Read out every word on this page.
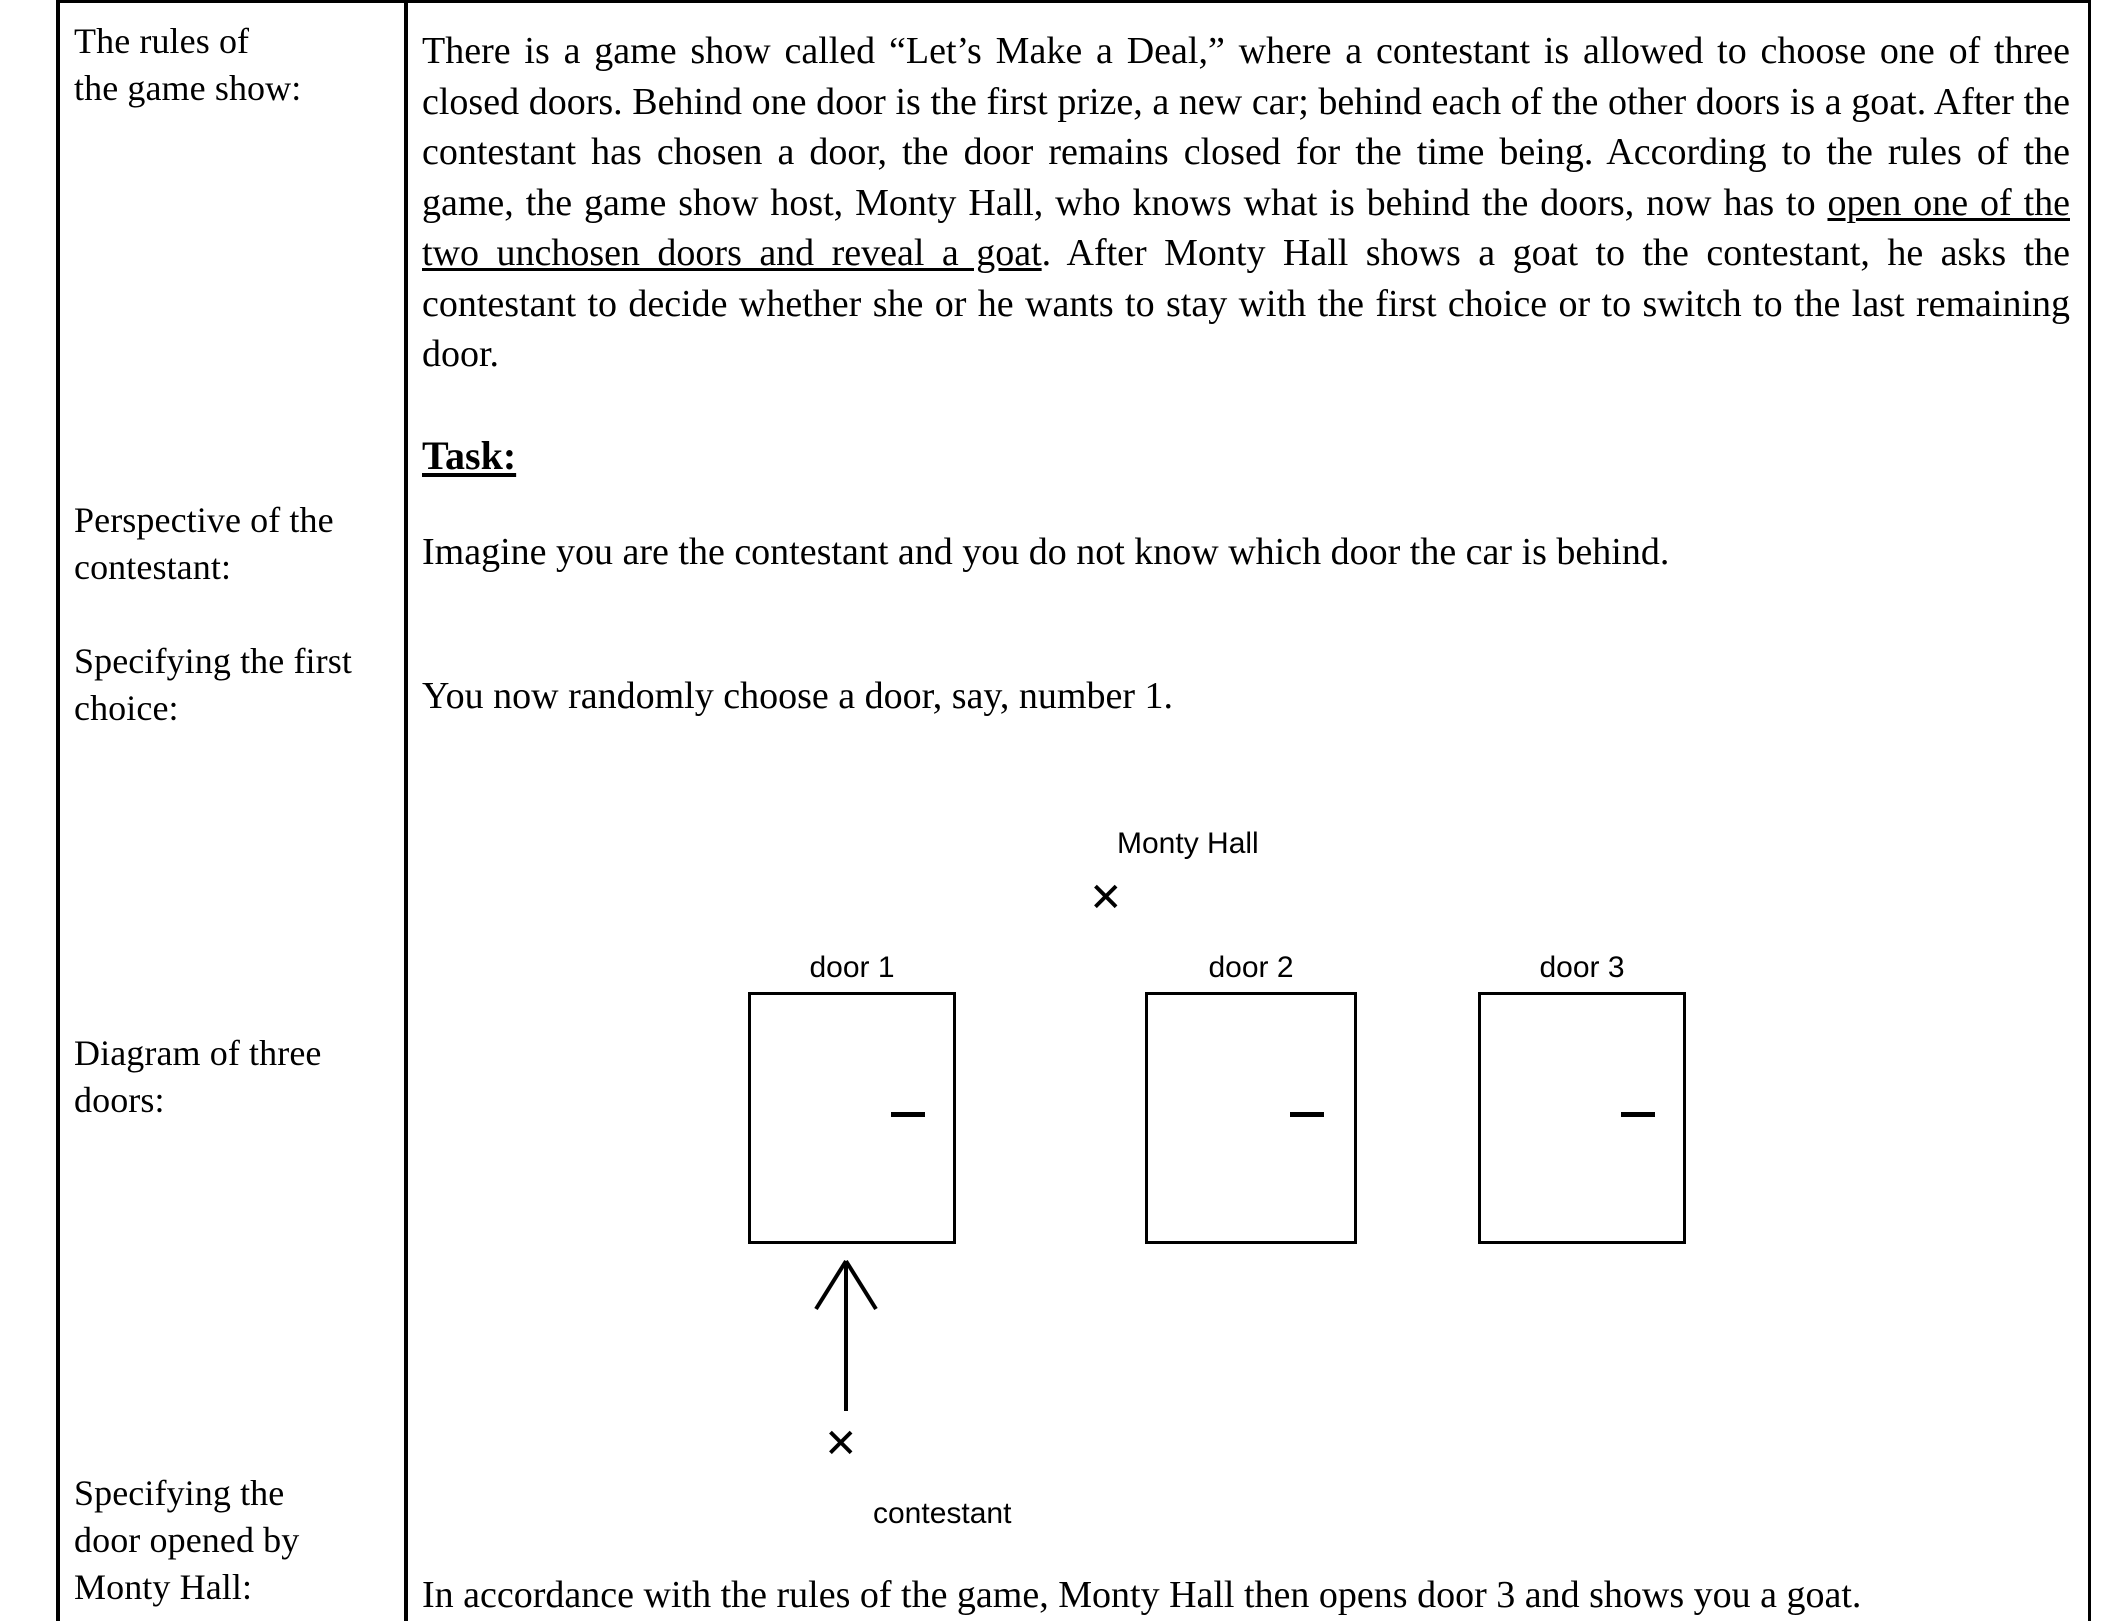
The rules of
the game show:
Perspective of the
contestant:
Specifying the first
choice:
Diagram of three
doors:
Specifying the
door opened by
Monty Hall:
There is a game show called “Let’s Make a Deal,” where a contestant is allowed to choose one of three closed doors. Behind one door is the first prize, a new car; behind each of the other doors is a goat. After the contestant has chosen a door, the door remains closed for the time being. According to the rules of the game, the game show host, Monty Hall, who knows what is behind the doors, now has to open one of the two unchosen doors and reveal a goat. After Monty Hall shows a goat to the contestant, he asks the contestant to decide whether she or he wants to stay with the first choice or to switch to the last remaining door.
Task:
Imagine you are the contestant and you do not know which door the car is behind.
You now randomly choose a door, say, number 1.
In accordance with the rules of the game, Monty Hall then opens door 3 and shows you a goat.
Monty Hall
✕
door 1	door 2	door 3
✕
contestant
